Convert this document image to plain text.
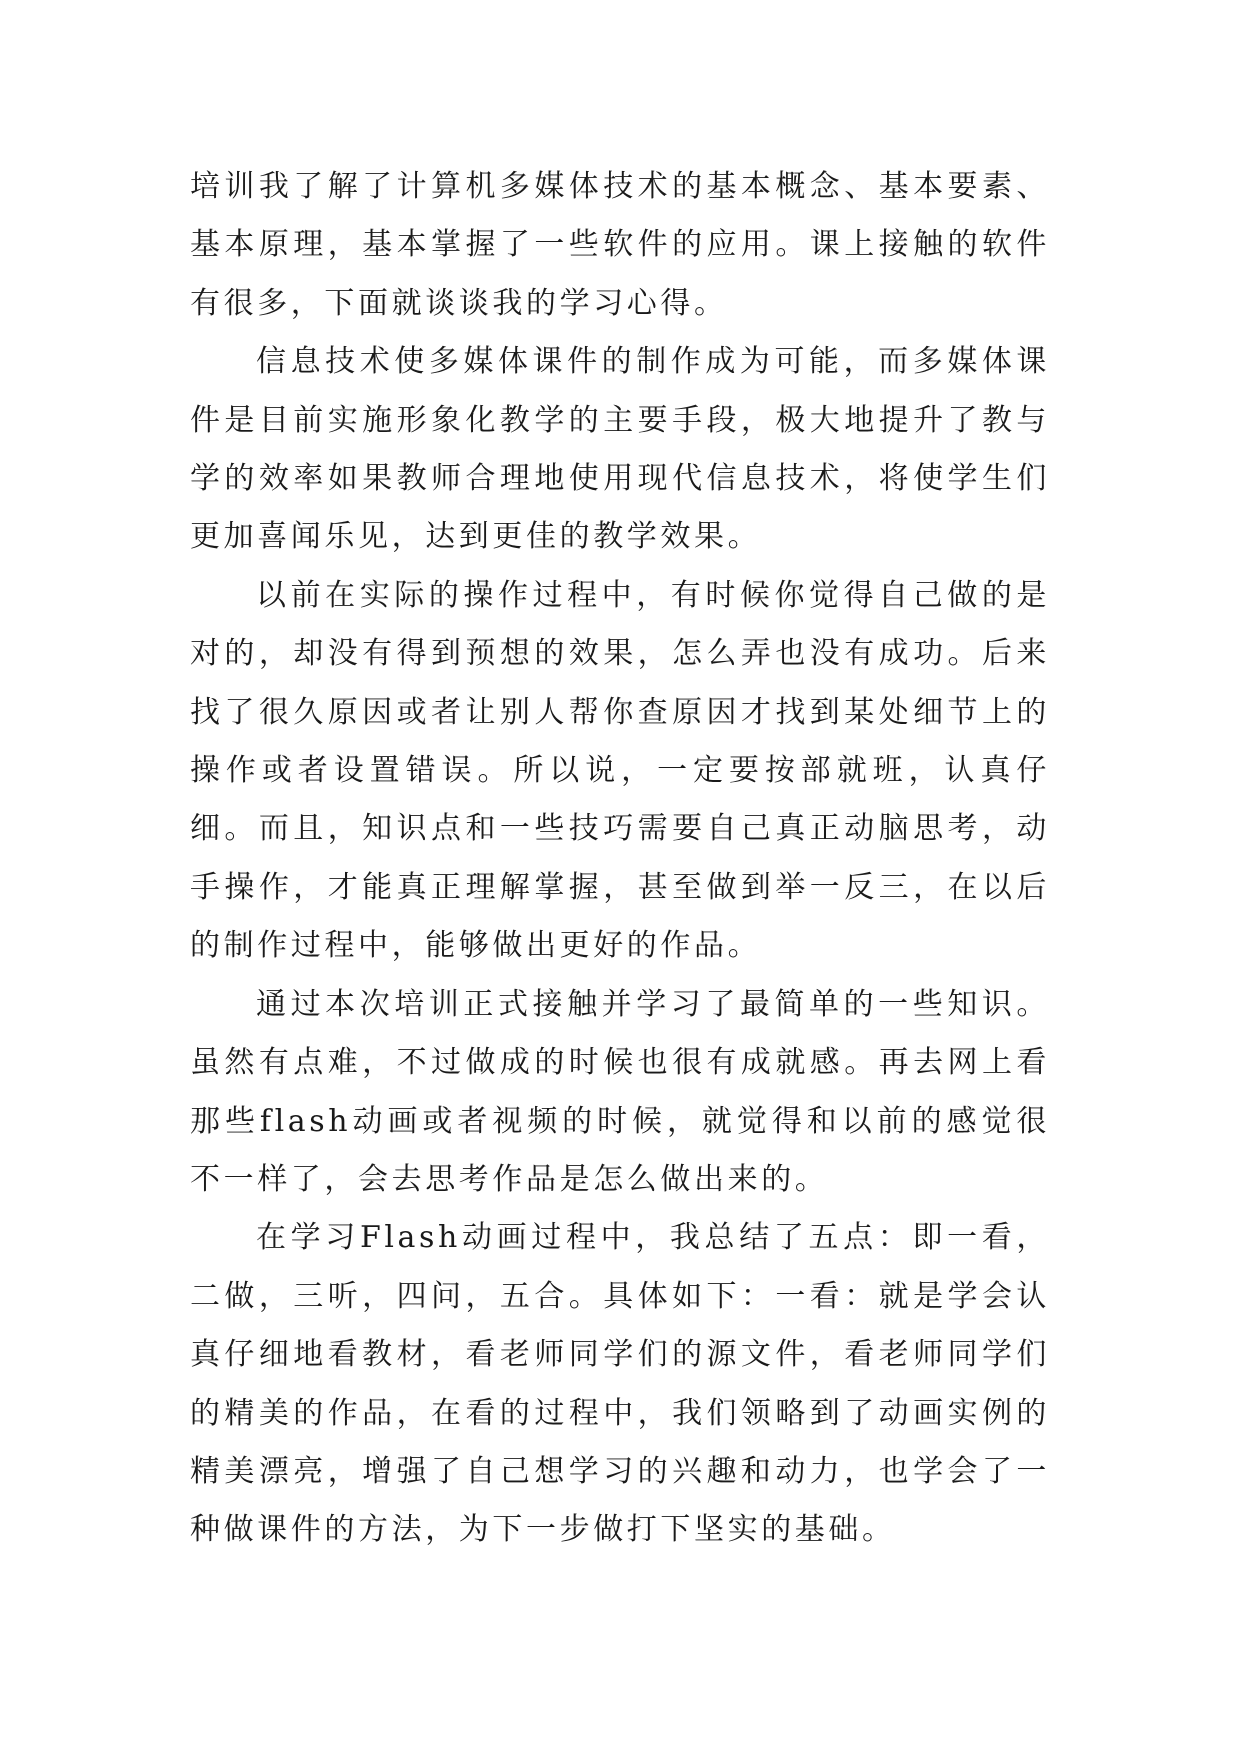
培训我了解了计算机多媒体技术的基本概念、基本要素、基本原理，基本掌握了一些软件的应用。课上接触的软件有很多，下面就谈谈我的学习心得。

信息技术使多媒体课件的制作成为可能，而多媒体课件是目前实施形象化教学的主要手段，极大地提升了教与学的效率如果教师合理地使用现代信息技术，将使学生们更加喜闻乐见，达到更佳的教学效果。

以前在实际的操作过程中，有时候你觉得自己做的是对的，却没有得到预想的效果，怎么弄也没有成功。后来找了很久原因或者让别人帮你查原因才找到某处细节上的操作或者设置错误。所以说，一定要按部就班，认真仔细。而且，知识点和一些技巧需要自己真正动脑思考，动手操作，才能真正理解掌握，甚至做到举一反三，在以后的制作过程中，能够做出更好的作品。

通过本次培训正式接触并学习了最简单的一些知识。虽然有点难，不过做成的时候也很有成就感。再去网上看那些flash动画或者视频的时候，就觉得和以前的感觉很不一样了，会去思考作品是怎么做出来的。

在学习Flash动画过程中，我总结了五点：即一看，二做，三听，四问，五合。具体如下：一看：就是学会认真仔细地看教材，看老师同学们的源文件，看老师同学们的精美的作品，在看的过程中，我们领略到了动画实例的精美漂亮，增强了自己想学习的兴趣和动力，也学会了一种做课件的方法，为下一步做打下坚实的基础。
